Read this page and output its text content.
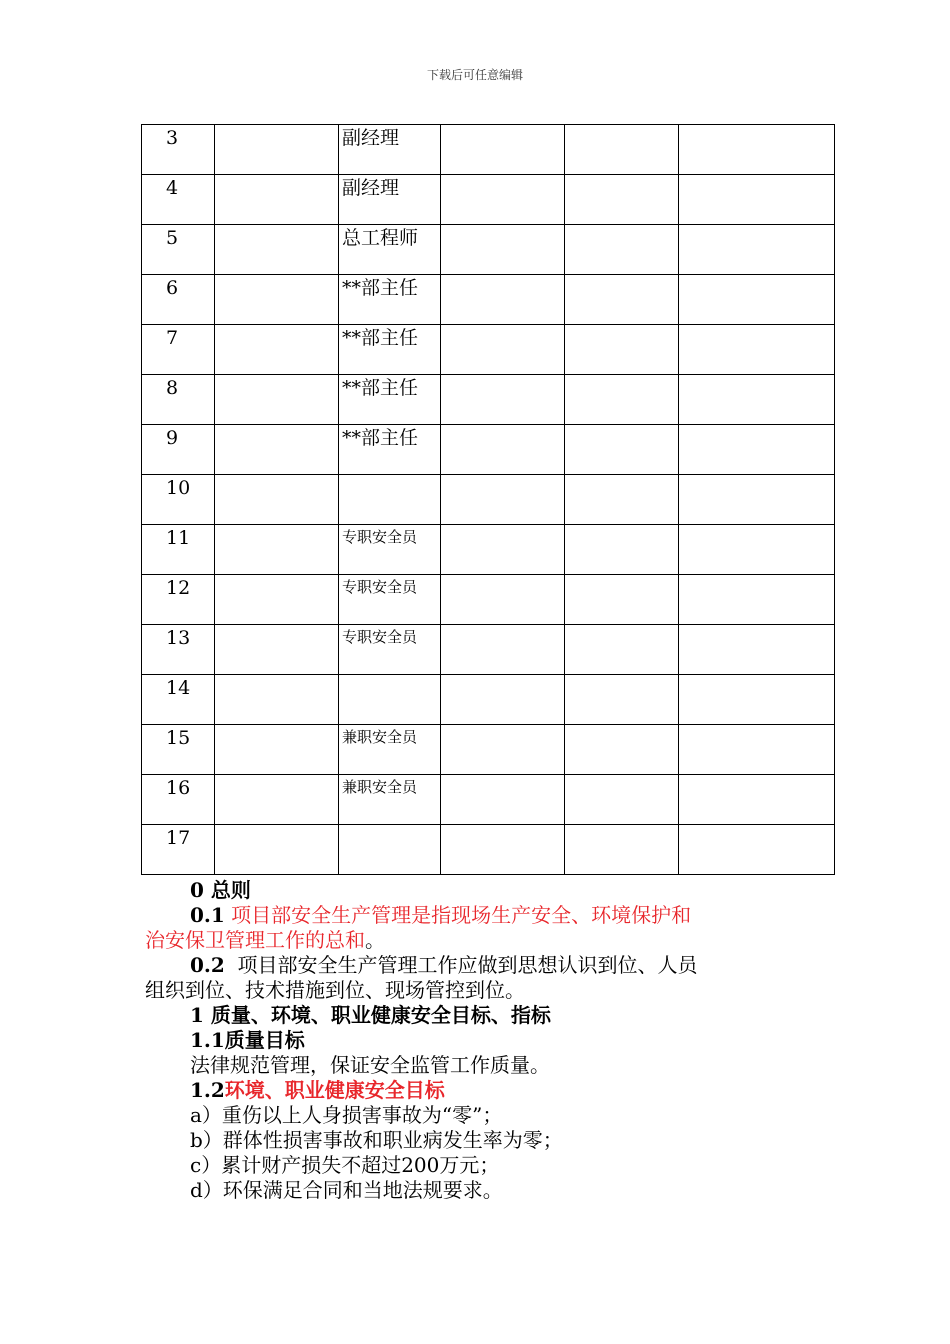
下载后可任意编辑
3		副经理			

4		副经理			

5		总工程师			

6		**部主任			

7		**部主任			

8		**部主任			

9		**部主任			

10					

11		专职安全员			

12		专职安全员			

13		专职安全员			

14					

15		兼职安全员			

16		兼职安全员			

17					

0 总则
0.1 项目部安全生产管理是指现场生产安全、环境保护和
治安保卫管理工作的总和。
0.2 项目部安全生产管理工作应做到思想认识到位、人员
组织到位、技术措施到位、现场管控到位。
1 质量、环境、职业健康安全目标、指标
1.1质量目标
法律规范管理，保证安全监管工作质量。
1.2环境、职业健康安全目标
a）重伤以上人身损害事故为“零”；
b）群体性损害事故和职业病发生率为零；
c）累计财产损失不超过200万元；
d）环保满足合同和当地法规要求。
